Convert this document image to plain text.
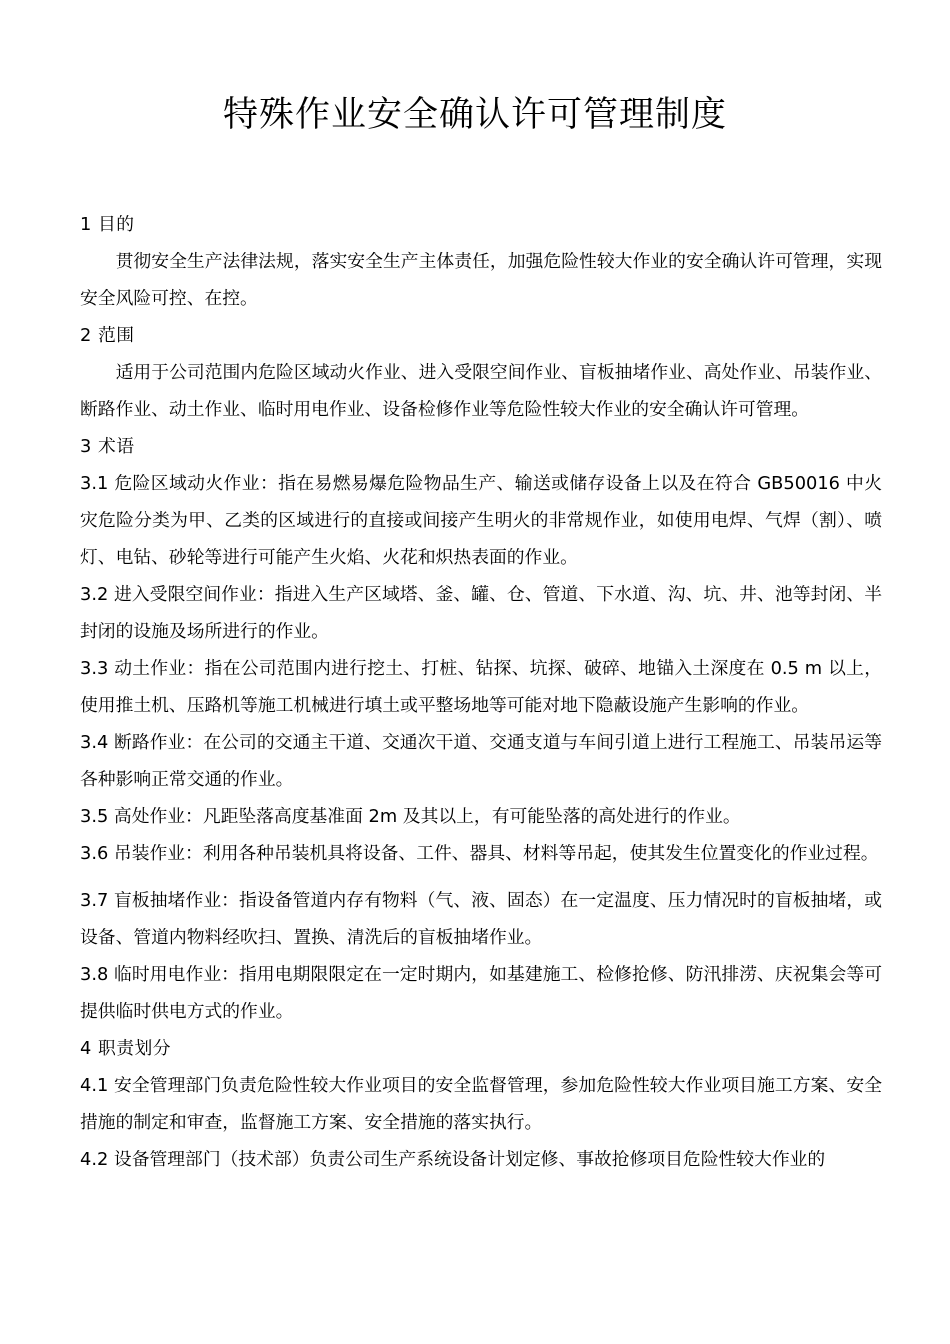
特殊作业安全确认许可管理制度
1 目的
贯彻安全生产法律法规，落实安全生产主体责任，加强危险性较大作业的安全确认许可管理，实现安全风险可控、在控。
2 范围
适用于公司范围内危险区域动火作业、进入受限空间作业、盲板抽堵作业、高处作业、吊装作业、断路作业、动土作业、临时用电作业、设备检修作业等危险性较大作业的安全确认许可管理。
3 术语
3.1 危险区域动火作业：指在易燃易爆危险物品生产、输送或储存设备上以及在符合 GB50016 中火灾危险分类为甲、乙类的区域进行的直接或间接产生明火的非常规作业，如使用电焊、气焊（割）、喷灯、电钻、砂轮等进行可能产生火焰、火花和炽热表面的作业。
3.2 进入受限空间作业：指进入生产区域塔、釜、罐、仓、管道、下水道、沟、坑、井、池等封闭、半封闭的设施及场所进行的作业。
3.3 动土作业：指在公司范围内进行挖土、打桩、钻探、坑探、破碎、地锚入土深度在 0.5 m 以上，使用推土机、压路机等施工机械进行填土或平整场地等可能对地下隐蔽设施产生影响的作业。
3.4 断路作业：在公司的交通主干道、交通次干道、交通支道与车间引道上进行工程施工、吊装吊运等各种影响正常交通的作业。
3.5 高处作业：凡距坠落高度基准面 2m 及其以上，有可能坠落的高处进行的作业。
3.6 吊装作业：利用各种吊装机具将设备、工件、器具、材料等吊起，使其发生位置变化的作业过程。
3.7 盲板抽堵作业：指设备管道内存有物料（气、液、固态）在一定温度、压力情况时的盲板抽堵，或设备、管道内物料经吹扫、置换、清洗后的盲板抽堵作业。
3.8 临时用电作业：指用电期限限定在一定时期内，如基建施工、检修抢修、防汛排涝、庆祝集会等可提供临时供电方式的作业。
4 职责划分
4.1 安全管理部门负责危险性较大作业项目的安全监督管理，参加危险性较大作业项目施工方案、安全措施的制定和审查，监督施工方案、安全措施的落实执行。
4.2 设备管理部门（技术部）负责公司生产系统设备计划定修、事故抢修项目危险性较大作业的
